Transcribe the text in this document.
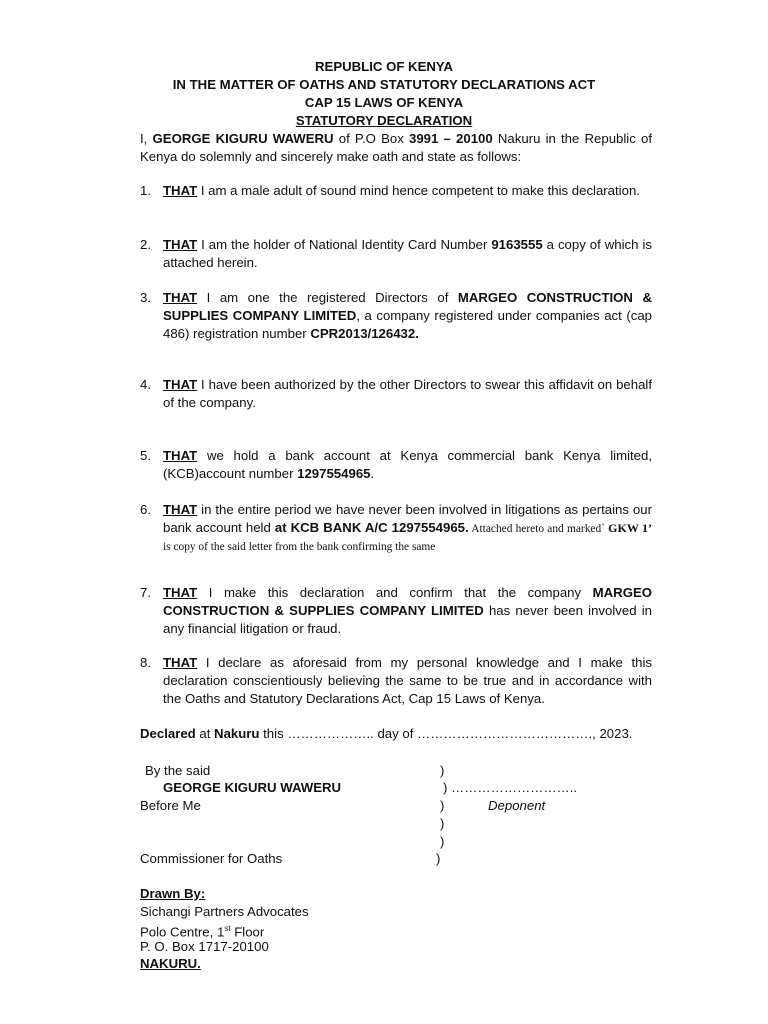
REPUBLIC OF KENYA
IN THE MATTER OF OATHS AND STATUTORY DECLARATIONS ACT
CAP 15 LAWS OF KENYA
STATUTORY DECLARATION
I, GEORGE KIGURU WAWERU of P.O Box 3991 – 20100 Nakuru in the Republic of Kenya do solemnly and sincerely make oath and state as follows:
1. THAT I am a male adult of sound mind hence competent to make this declaration.
2. THAT I am the holder of National Identity Card Number 9163555 a copy of which is attached herein.
3. THAT I am one the registered Directors of MARGEO CONSTRUCTION & SUPPLIES COMPANY LIMITED, a company registered under companies act (cap 486) registration number CPR2013/126432.
4. THAT I have been authorized by the other Directors to swear this affidavit on behalf of the company.
5. THAT we hold a bank account at Kenya commercial bank Kenya limited, (KCB)account number 1297554965.
6. THAT in the entire period we have never been involved in litigations as pertains our bank account held at KCB BANK A/C 1297554965. Attached hereto and marked` GKW 1’ is copy of the said letter from the bank confirming the same
7. THAT I make this declaration and confirm that the company MARGEO CONSTRUCTION & SUPPLIES COMPANY LIMITED has never been involved in any financial litigation or fraud.
8. THAT I declare as aforesaid from my personal knowledge and I make this declaration conscientiously believing the same to be true and in accordance with the Oaths and Statutory Declarations Act, Cap 15 Laws of Kenya.
Declared at Nakuru this ……………….. day of …………………………………., 2023.
By the said	)
GEORGE KIGURU WAWERU	) ………………………..
Before Me	)	Deponent
)
)
Commissioner for Oaths	)
Drawn By:
Sichangi Partners Advocates
Polo Centre, 1st Floor
P. O. Box 1717-20100
NAKURU.
